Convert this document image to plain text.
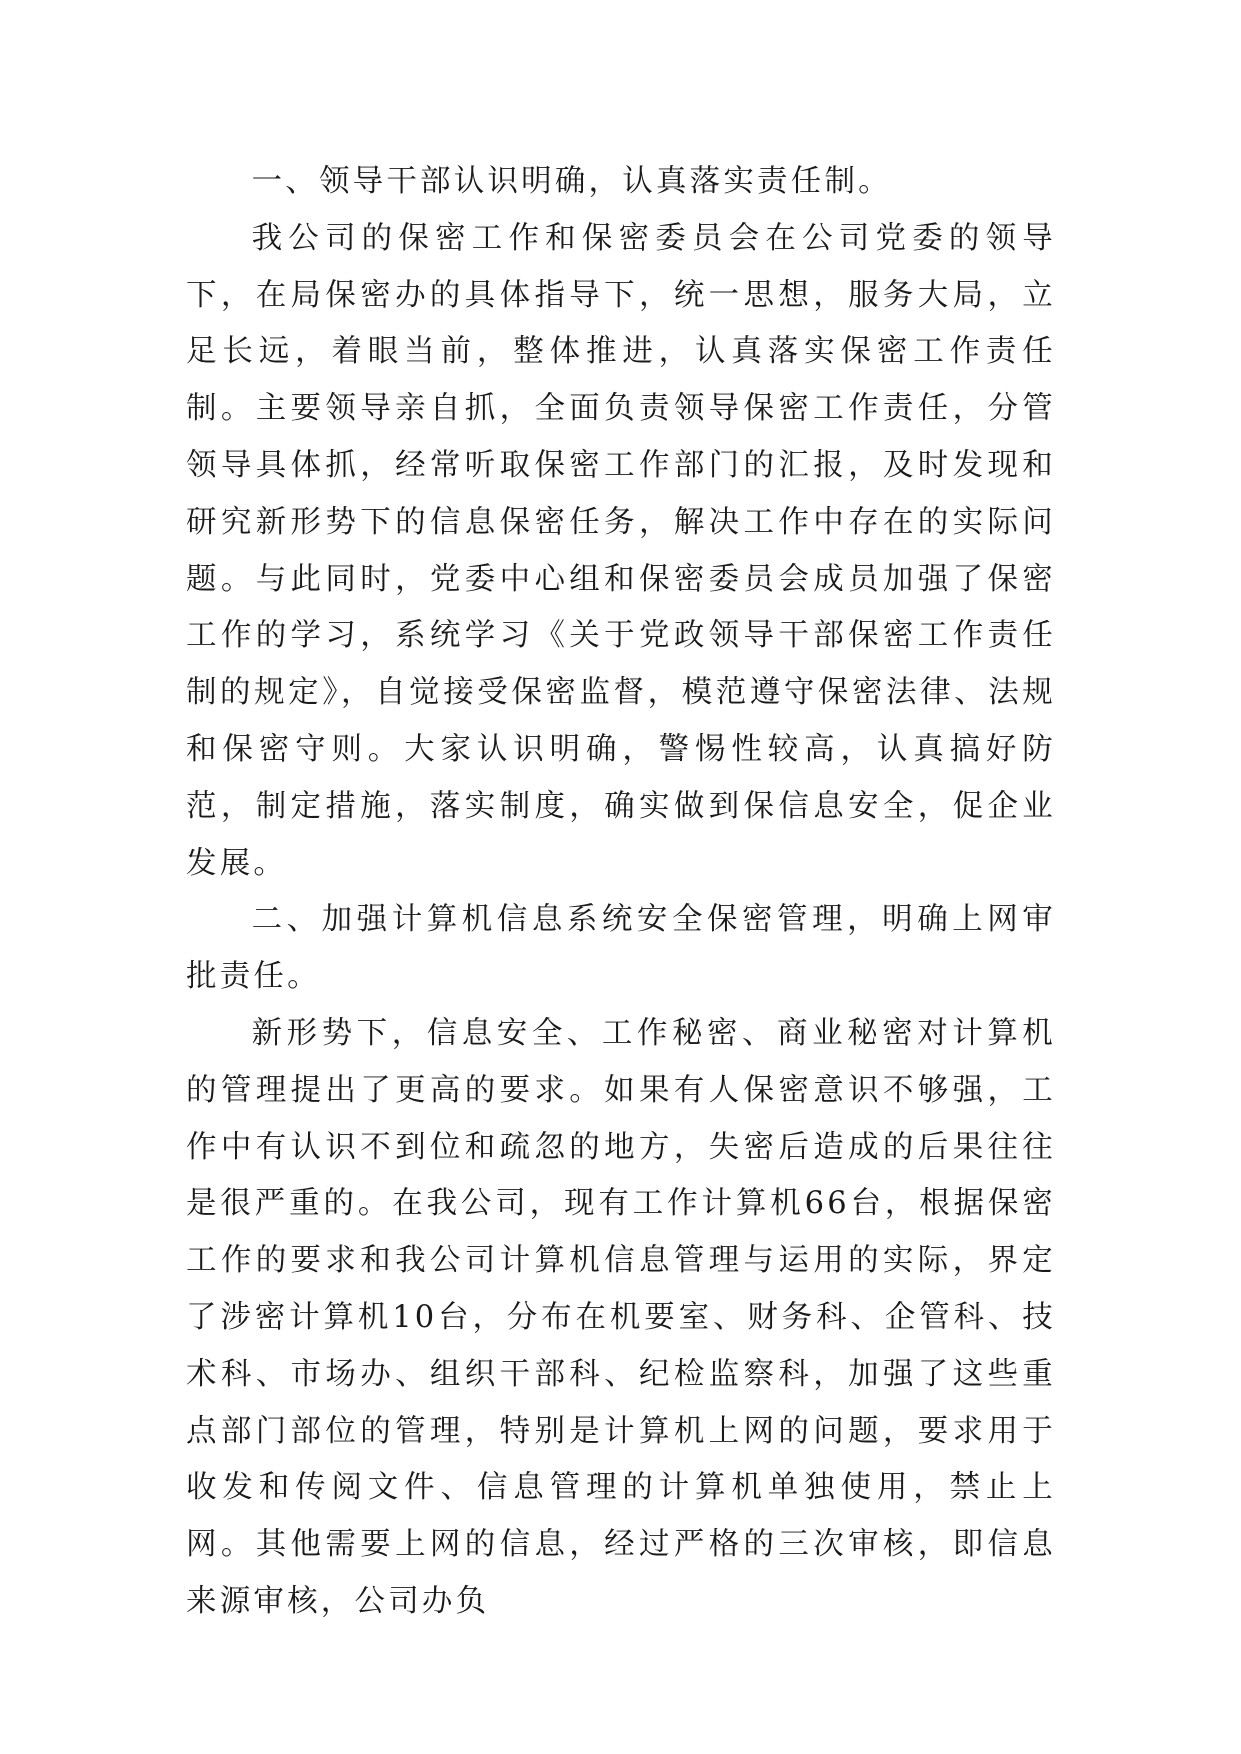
一、领导干部认识明确，认真落实责任制。

我公司的保密工作和保密委员会在公司党委的领导下，在局保密办的具体指导下，统一思想，服务大局，立足长远，着眼当前，整体推进，认真落实保密工作责任制。主要领导亲自抓，全面负责领导保密工作责任，分管领导具体抓，经常听取保密工作部门的汇报，及时发现和研究新形势下的信息保密任务，解决工作中存在的实际问题。与此同时，党委中心组和保密委员会成员加强了保密工作的学习，系统学习《关于党政领导干部保密工作责任制的规定》，自觉接受保密监督，模范遵守保密法律、法规和保密守则。大家认识明确，警惕性较高，认真搞好防范，制定措施，落实制度，确实做到保信息安全，促企业发展。

二、加强计算机信息系统安全保密管理，明确上网审批责任。

新形势下，信息安全、工作秘密、商业秘密对计算机的管理提出了更高的要求。如果有人保密意识不够强，工作中有认识不到位和疏忽的地方，失密后造成的后果往往是很严重的。在我公司，现有工作计算机66台，根据保密工作的要求和我公司计算机信息管理与运用的实际，界定了涉密计算机10台，分布在机要室、财务科、企管科、技术科、市场办、组织干部科、纪检监察科，加强了这些重点部门部位的管理，特别是计算机上网的问题，要求用于收发和传阅文件、信息管理的计算机单独使用，禁止上网。其他需要上网的信息，经过严格的三次审核，即信息来源审核，公司办负
